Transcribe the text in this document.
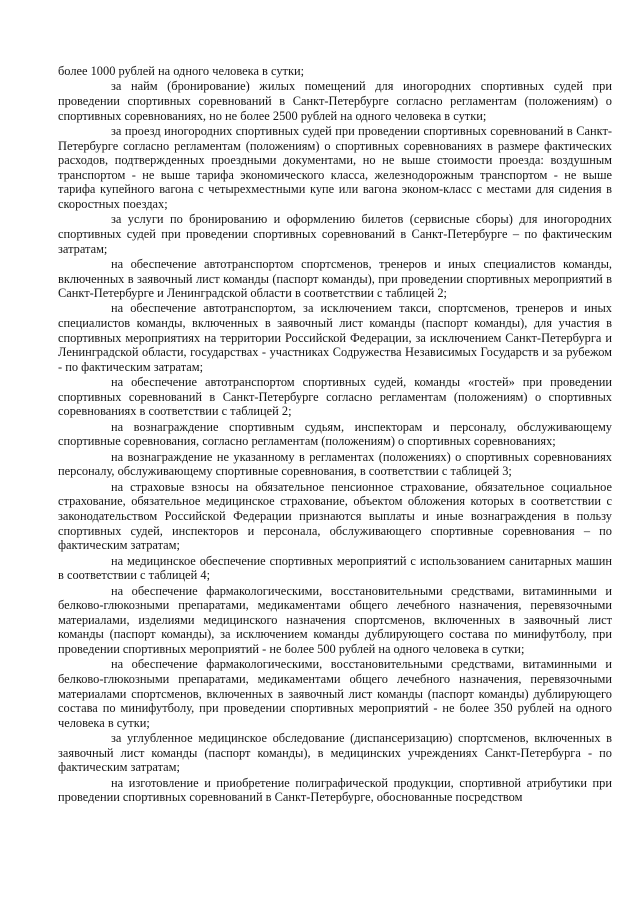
более 1000 рублей на одного человека в сутки;

за найм (бронирование) жилых помещений для иногородних спортивных судей при проведении спортивных соревнований в Санкт-Петербурге согласно регламентам (положениям) о спортивных соревнованиях, но не более 2500 рублей на одного человека в сутки;

за проезд иногородних спортивных судей при проведении спортивных соревнований в Санкт-Петербурге согласно регламентам (положениям) о спортивных соревнованиях в размере фактических расходов, подтвержденных проездными документами, но не выше стоимости проезда: воздушным транспортом - не выше тарифа экономического класса, железнодорожным транспортом - не выше тарифа купейного вагона с четырехместными купе или вагона эконом-класс с местами для сидения в скоростных поездах;

за услуги по бронированию и оформлению билетов (сервисные сборы) для иногородних спортивных судей при проведении спортивных соревнований в Санкт-Петербурге – по фактическим затратам;

на обеспечение автотранспортом спортсменов, тренеров и иных специалистов команды, включенных в заявочный лист команды (паспорт команды), при проведении спортивных мероприятий в Санкт-Петербурге и Ленинградской области в соответствии с таблицей 2;

на обеспечение автотранспортом, за исключением такси, спортсменов, тренеров и иных специалистов команды, включенных в заявочный лист команды (паспорт команды), для участия в спортивных мероприятиях на территории Российской Федерации, за исключением Санкт-Петербурга и Ленинградской области, государствах - участниках Содружества Независимых Государств и за рубежом - по фактическим затратам;

на обеспечение автотранспортом спортивных судей, команды «гостей» при проведении спортивных соревнований в Санкт-Петербурге согласно регламентам (положениям) о спортивных соревнованиях в соответствии с таблицей 2;

на вознаграждение спортивным судьям, инспекторам и персоналу, обслуживающему спортивные соревнования, согласно регламентам (положениям) о спортивных соревнованиях;

на вознаграждение не указанному в регламентах (положениях) о спортивных соревнованиях персоналу, обслуживающему спортивные соревнования, в соответствии с таблицей 3;

на страховые взносы на обязательное пенсионное страхование, обязательное социальное страхование, обязательное медицинское страхование, объектом обложения которых в соответствии с законодательством Российской Федерации признаются выплаты и иные вознаграждения в пользу спортивных судей, инспекторов и персонала, обслуживающего спортивные соревнования – по фактическим затратам;

на медицинское обеспечение спортивных мероприятий с использованием санитарных машин в соответствии с таблицей 4;

на обеспечение фармакологическими, восстановительными средствами, витаминными и белково-глюкозными препаратами, медикаментами общего лечебного назначения, перевязочными материалами, изделиями медицинского назначения спортсменов, включенных в заявочный лист команды (паспорт команды), за исключением команды дублирующего состава по минифутболу, при проведении спортивных мероприятий - не более 500 рублей на одного человека в сутки;

на обеспечение фармакологическими, восстановительными средствами, витаминными и белково-глюкозными препаратами, медикаментами общего лечебного назначения, перевязочными материалами спортсменов, включенных в заявочный лист команды (паспорт команды) дублирующего состава по минифутболу, при проведении спортивных мероприятий - не более 350 рублей на одного человека в сутки;

за углубленное медицинское обследование (диспансеризацию) спортсменов, включенных в заявочный лист команды (паспорт команды), в медицинских учреждениях Санкт-Петербурга - по фактическим затратам;

на изготовление и приобретение полиграфической продукции, спортивной атрибутики при проведении спортивных соревнований в Санкт-Петербурге, обоснованные посредством
